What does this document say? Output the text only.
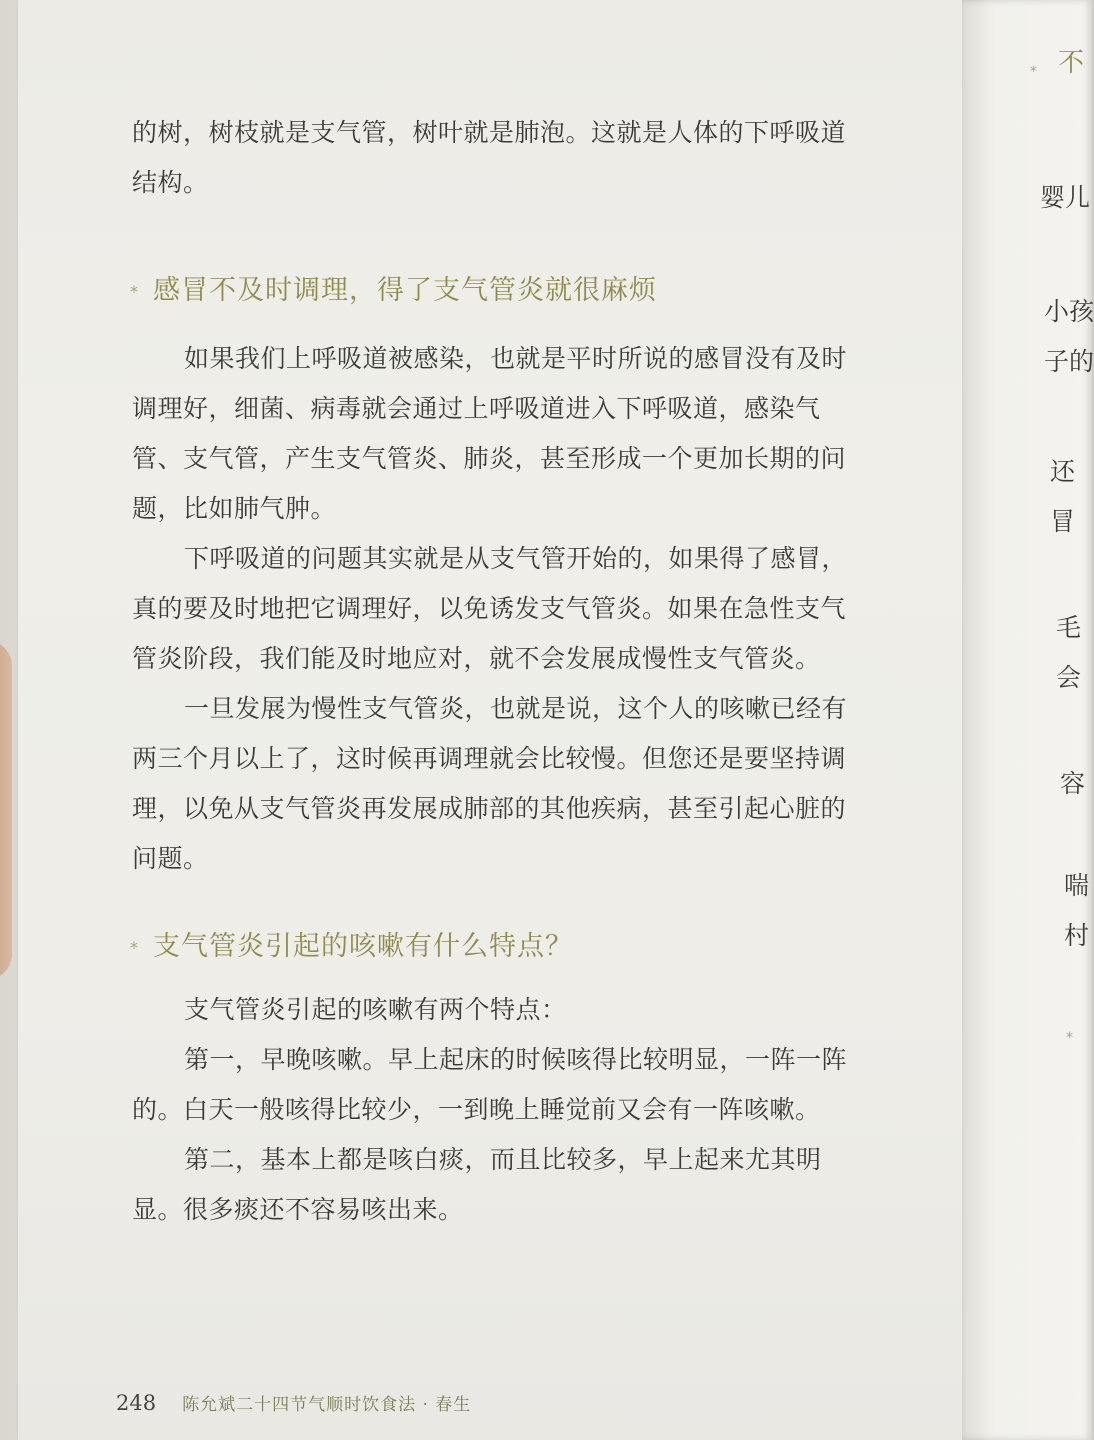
的树，树枝就是支气管，树叶就是肺泡。这就是人体的下呼吸道结构。

* 感冒不及时调理，得了支气管炎就很麻烦

如果我们上呼吸道被感染，也就是平时所说的感冒没有及时调理好，细菌、病毒就会通过上呼吸道进入下呼吸道，感染气管、支气管，产生支气管炎、肺炎，甚至形成一个更加长期的问题，比如肺气肿。

下呼吸道的问题其实就是从支气管开始的，如果得了感冒，真的要及时地把它调理好，以免诱发支气管炎。如果在急性支气管炎阶段，我们能及时地应对，就不会发展成慢性支气管炎。

一旦发展为慢性支气管炎，也就是说，这个人的咳嗽已经有两三个月以上了，这时候再调理就会比较慢。但您还是要坚持调理，以免从支气管炎再发展成肺部的其他疾病，甚至引起心脏的问题。

* 支气管炎引起的咳嗽有什么特点？

支气管炎引起的咳嗽有两个特点：

第一，早晚咳嗽。早上起床的时候咳得比较明显，一阵一阵的。白天一般咳得比较少，一到晚上睡觉前又会有一阵咳嗽。

第二，基本上都是咳白痰，而且比较多，早上起来尤其明显。很多痰还不容易咳出来。

248 陈允斌二十四节气顺时饮食法 · 春生
* 不
婴儿
小孩
子的
还
冒
毛
会
容
喘
村
*
